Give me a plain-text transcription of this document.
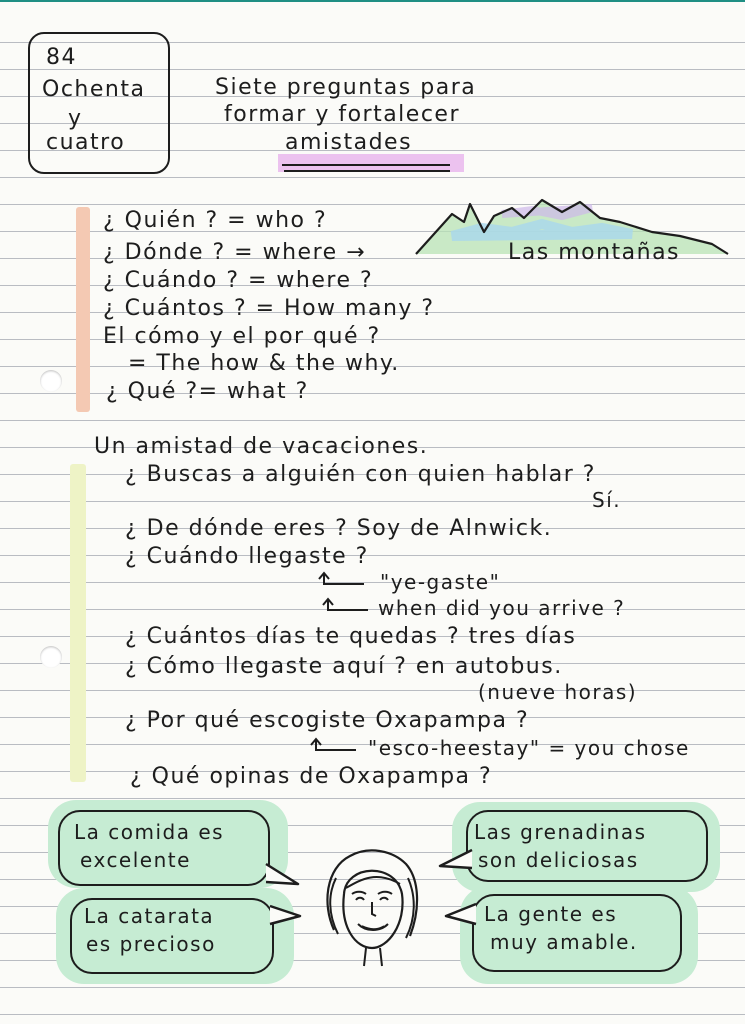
84
Ochenta
y
cuatro
Siete preguntas para
formar y fortalecer
amistades
¿ Quién ? = who ?
¿ Dónde ? = where →
¿ Cuándo ? = where ?
¿ Cuántos ? = How many ?
El cómo y el por qué ?
= The how & the why.
¿ Qué ?= what ?
Las montañas
Un amistad de vacaciones.
¿ Buscas a alguién con quien hablar ?
Sí.
¿ De dónde eres ? Soy de Alnwick.
¿ Cuándo llegaste ?
"ye-gaste"
when did you arrive ?
¿ Cuántos días te quedas ? tres días
¿ Cómo llegaste aquí ? en autobus.
(nueve horas)
¿ Por qué escogiste Oxapampa ?
"esco-heestay" = you chose
¿ Qué opinas de Oxapampa ?
La comida es
excelente
La catarata
es precioso
Las grenadinas
son deliciosas
La gente es
muy amable.
